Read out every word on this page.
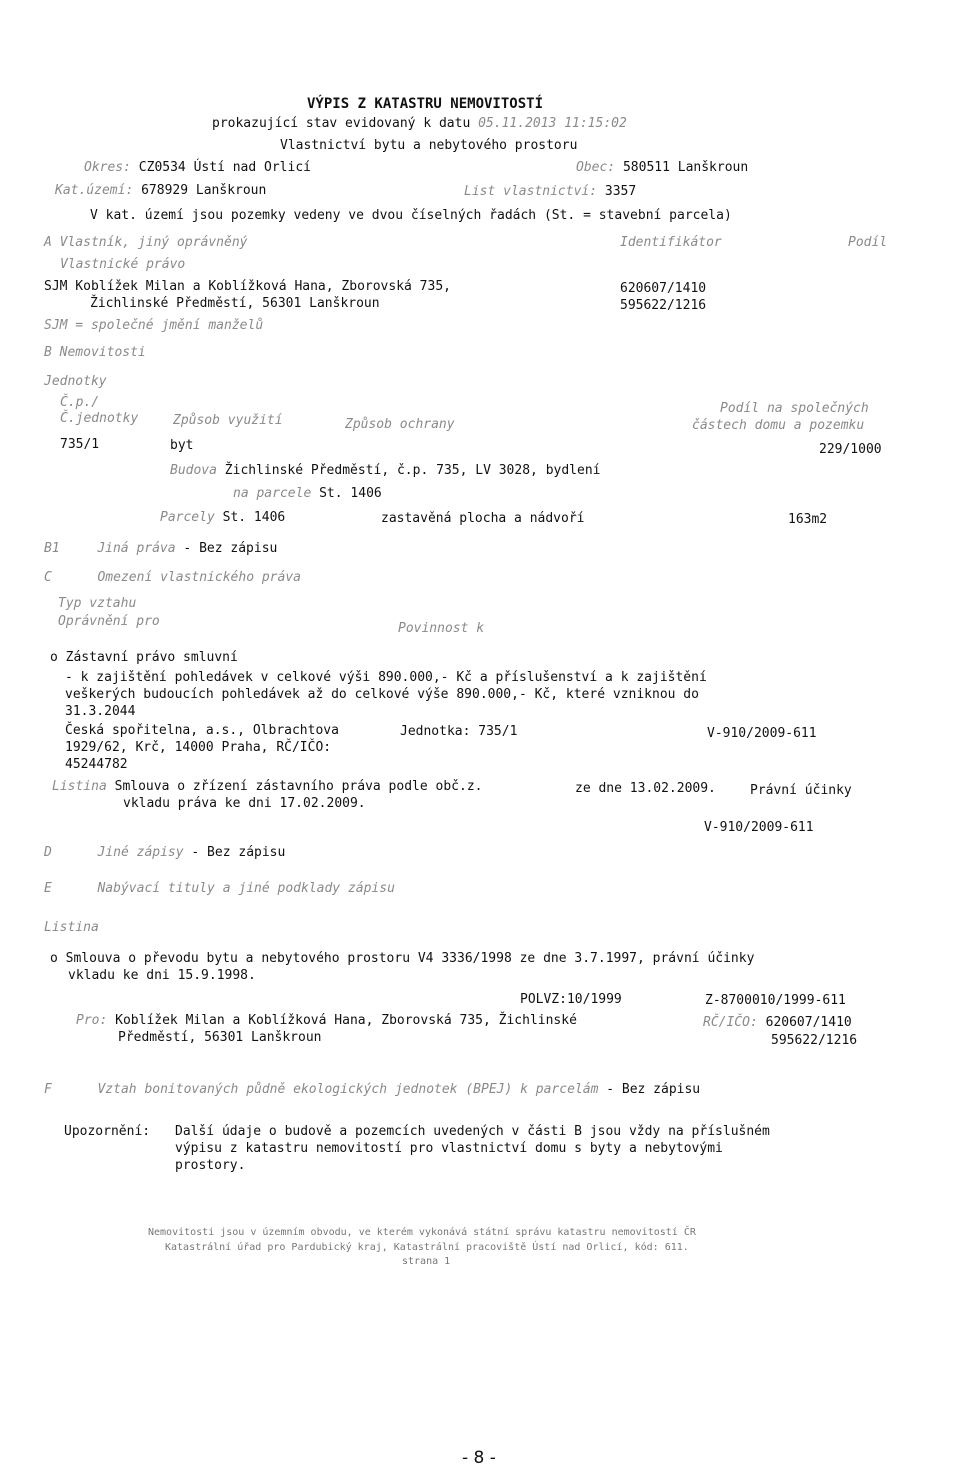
VÝPIS Z KATASTRU NEMOVITOSTÍ
prokazující stav evidovaný k datu 05.11.2013 11:15:02
Vlastnictví bytu a nebytového prostoru
Okres: CZ0534 Ústí nad Orlicí	Obec: 580511 Lanškroun
Kat.území: 678929 Lanškroun	List vlastnictví: 3357
V kat. území jsou pozemky vedeny ve dvou číselných řadách (St. = stavební parcela)
A Vlastník, jiný oprávněný	Identifikátor	Podíl
Vlastnické právo
SJM Koblížek Milan a Koblížková Hana, Zborovská 735,
Žichlinské Předměstí, 56301 Lanškroun
620607/1410
595622/1216
SJM = společné jmění manželů
B Nemovitosti
Jednotky
Č.p./
Č.jednotky	Způsob využití	Způsob ochrany
Podíl na společných
částech domu a pozemku
735/1	byt	229/1000
Budova Žichlinské Předměstí, č.p. 735, LV 3028, bydlení
na parcele St. 1406
Parcely St. 1406	zastavěná plocha a nádvoří	163m2
B1	Jiná práva - Bez zápisu
C	Omezení vlastnického práva
Typ vztahu
Oprávnění pro	Povinnost k
o Zástavní právo smluvní
- k zajištění pohledávek v celkové výši 890.000,- Kč a příslušenství a k zajištění
veškerých budoucích pohledávek až do celkové výše 890.000,- Kč, které vzniknou do
31.3.2044
Česká spořitelna, a.s., Olbrachtova
1929/62, Krč, 14000 Praha, RČ/IČO:
45244782
Jednotka: 735/1	V-910/2009-611
Listina Smlouva o zřízení zástavního práva podle obč.z.	ze dne 13.02.2009.	Právní účinky
vkladu práva ke dni 17.02.2009.
V-910/2009-611
D	Jiné zápisy - Bez zápisu
E	Nabývací tituly a jiné podklady zápisu
Listina
o Smlouva o převodu bytu a nebytového prostoru V4 3336/1998 ze dne 3.7.1997, právní účinky
vkladu ke dni 15.9.1998.
POLVZ:10/1999	Z-8700010/1999-611
Pro: Koblížek Milan a Koblížková Hana, Zborovská 735, Žichlinské
Předměstí, 56301 Lanškroun
RČ/IČO: 620607/1410
595622/1216
F	Vztah bonitovaných půdně ekologických jednotek (BPEJ) k parcelám - Bez zápisu
Upozornění: Další údaje o budově a pozemcích uvedených v části B jsou vždy na příslušném
výpisu z katastru nemovitostí pro vlastnictví domu s byty a nebytovými
prostory.
Nemovitosti jsou v územním obvodu, ve kterém vykonává státní správu katastru nemovitostí ČR
Katastrální úřad pro Pardubický kraj, Katastrální pracoviště Ústí nad Orlicí, kód: 611.
strana 1
- 8 -
